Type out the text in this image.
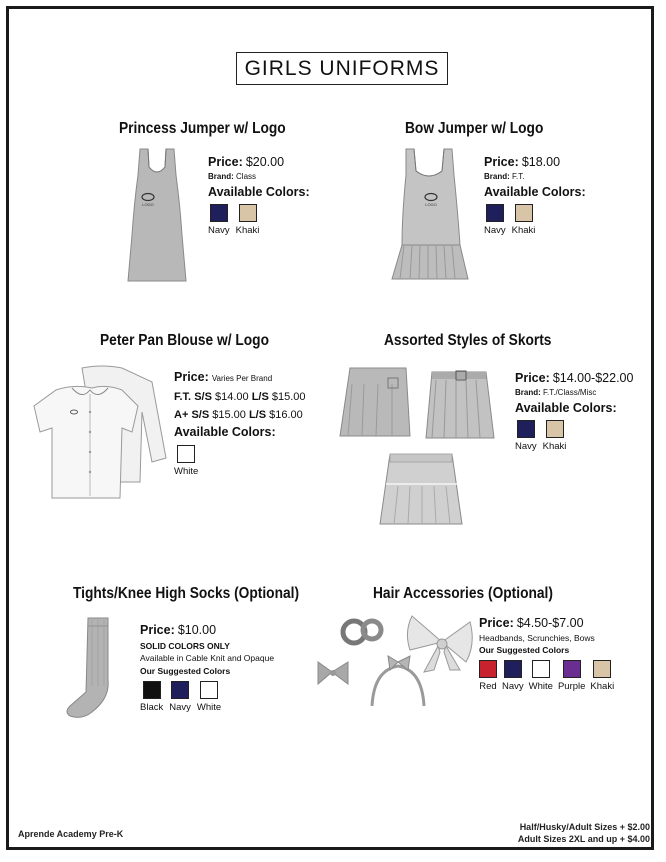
GIRLS UNIFORMS
Princess Jumper w/ Logo
LOGO
Price: $20.00
Brand: Class
Available Colors:
Navy Khaki
Bow Jumper w/ Logo
LOGO
Price: $18.00
Brand: F.T.
Available Colors:
Navy Khaki
Peter Pan Blouse w/ Logo
Price: Varies Per Brand
F.T. S/S $14.00 L/S $15.00
A+ S/S $15.00 L/S $16.00
Available Colors:
White
Assorted Styles of Skorts
Price: $14.00-$22.00
Brand: F.T./Class/Misc
Available Colors:
Navy Khaki
Tights/Knee High Socks (Optional)
Price: $10.00
SOLID COLORS ONLY
Available in Cable Knit and Opaque
Our Suggested Colors
Black Navy White
Hair Accessories (Optional)
Price: $4.50-$7.00
Headbands, Scrunchies, Bows
Our Suggested Colors
Red Navy White Purple Khaki
Aprende Academy Pre-K
Half/Husky/Adult Sizes + $2.00
Adult Sizes 2XL and up + $4.00
